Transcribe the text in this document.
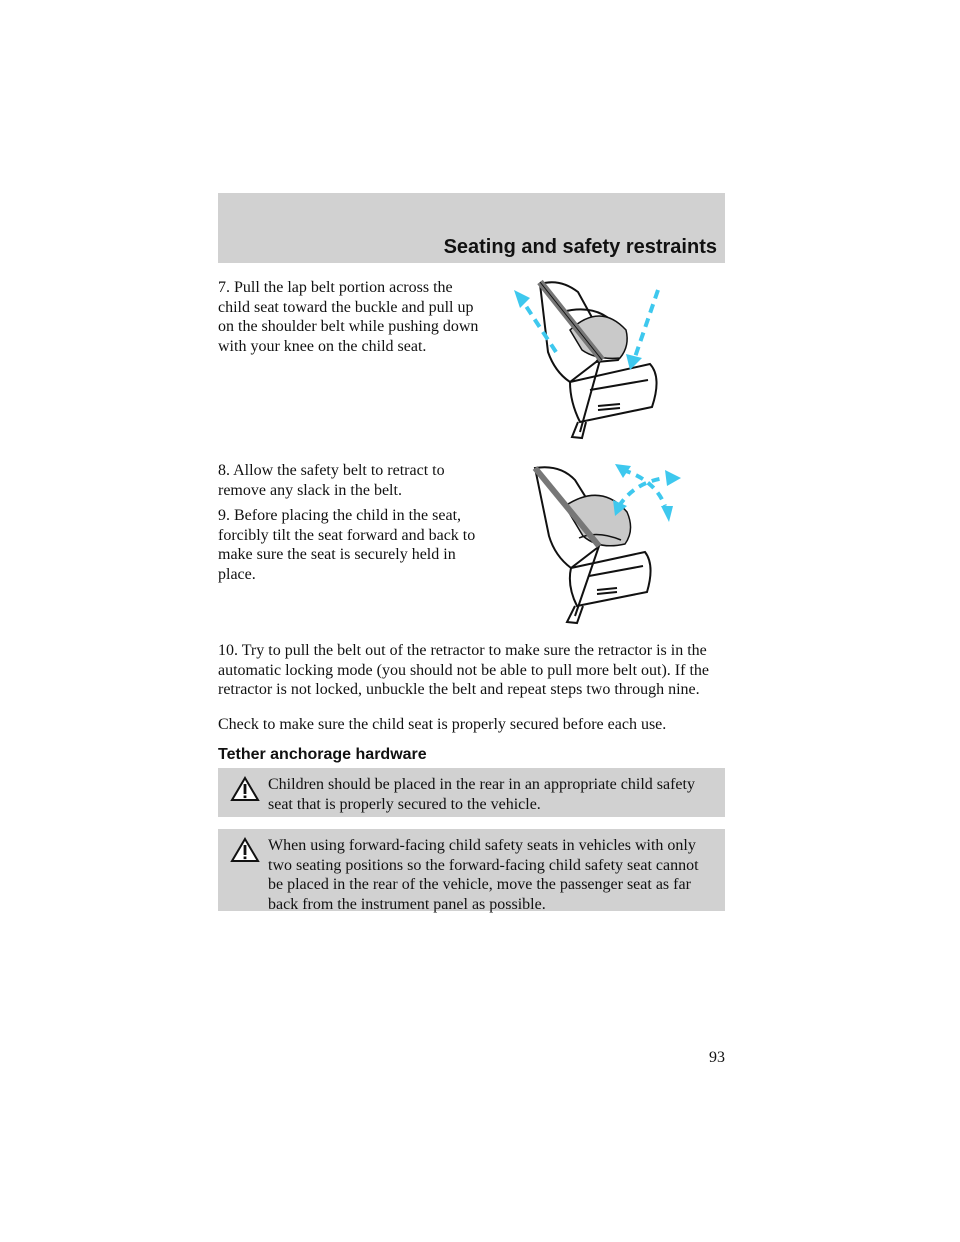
Seating and safety restraints

7. Pull the lap belt portion across the child seat toward the buckle and pull up on the shoulder belt while pushing down with your knee on the child seat.

8. Allow the safety belt to retract to remove any slack in the belt.

9. Before placing the child in the seat, forcibly tilt the seat forward and back to make sure the seat is securely held in place.

10. Try to pull the belt out of the retractor to make sure the retractor is in the automatic locking mode (you should not be able to pull more belt out). If the retractor is not locked, unbuckle the belt and repeat steps two through nine.

Check to make sure the child seat is properly secured before each use.

Tether anchorage hardware

Children should be placed in the rear in an appropriate child safety seat that is properly secured to the vehicle.

When using forward-facing child safety seats in vehicles with only two seating positions so the forward-facing child safety seat cannot be placed in the rear of the vehicle, move the passenger seat as far back from the instrument panel as possible.

93
